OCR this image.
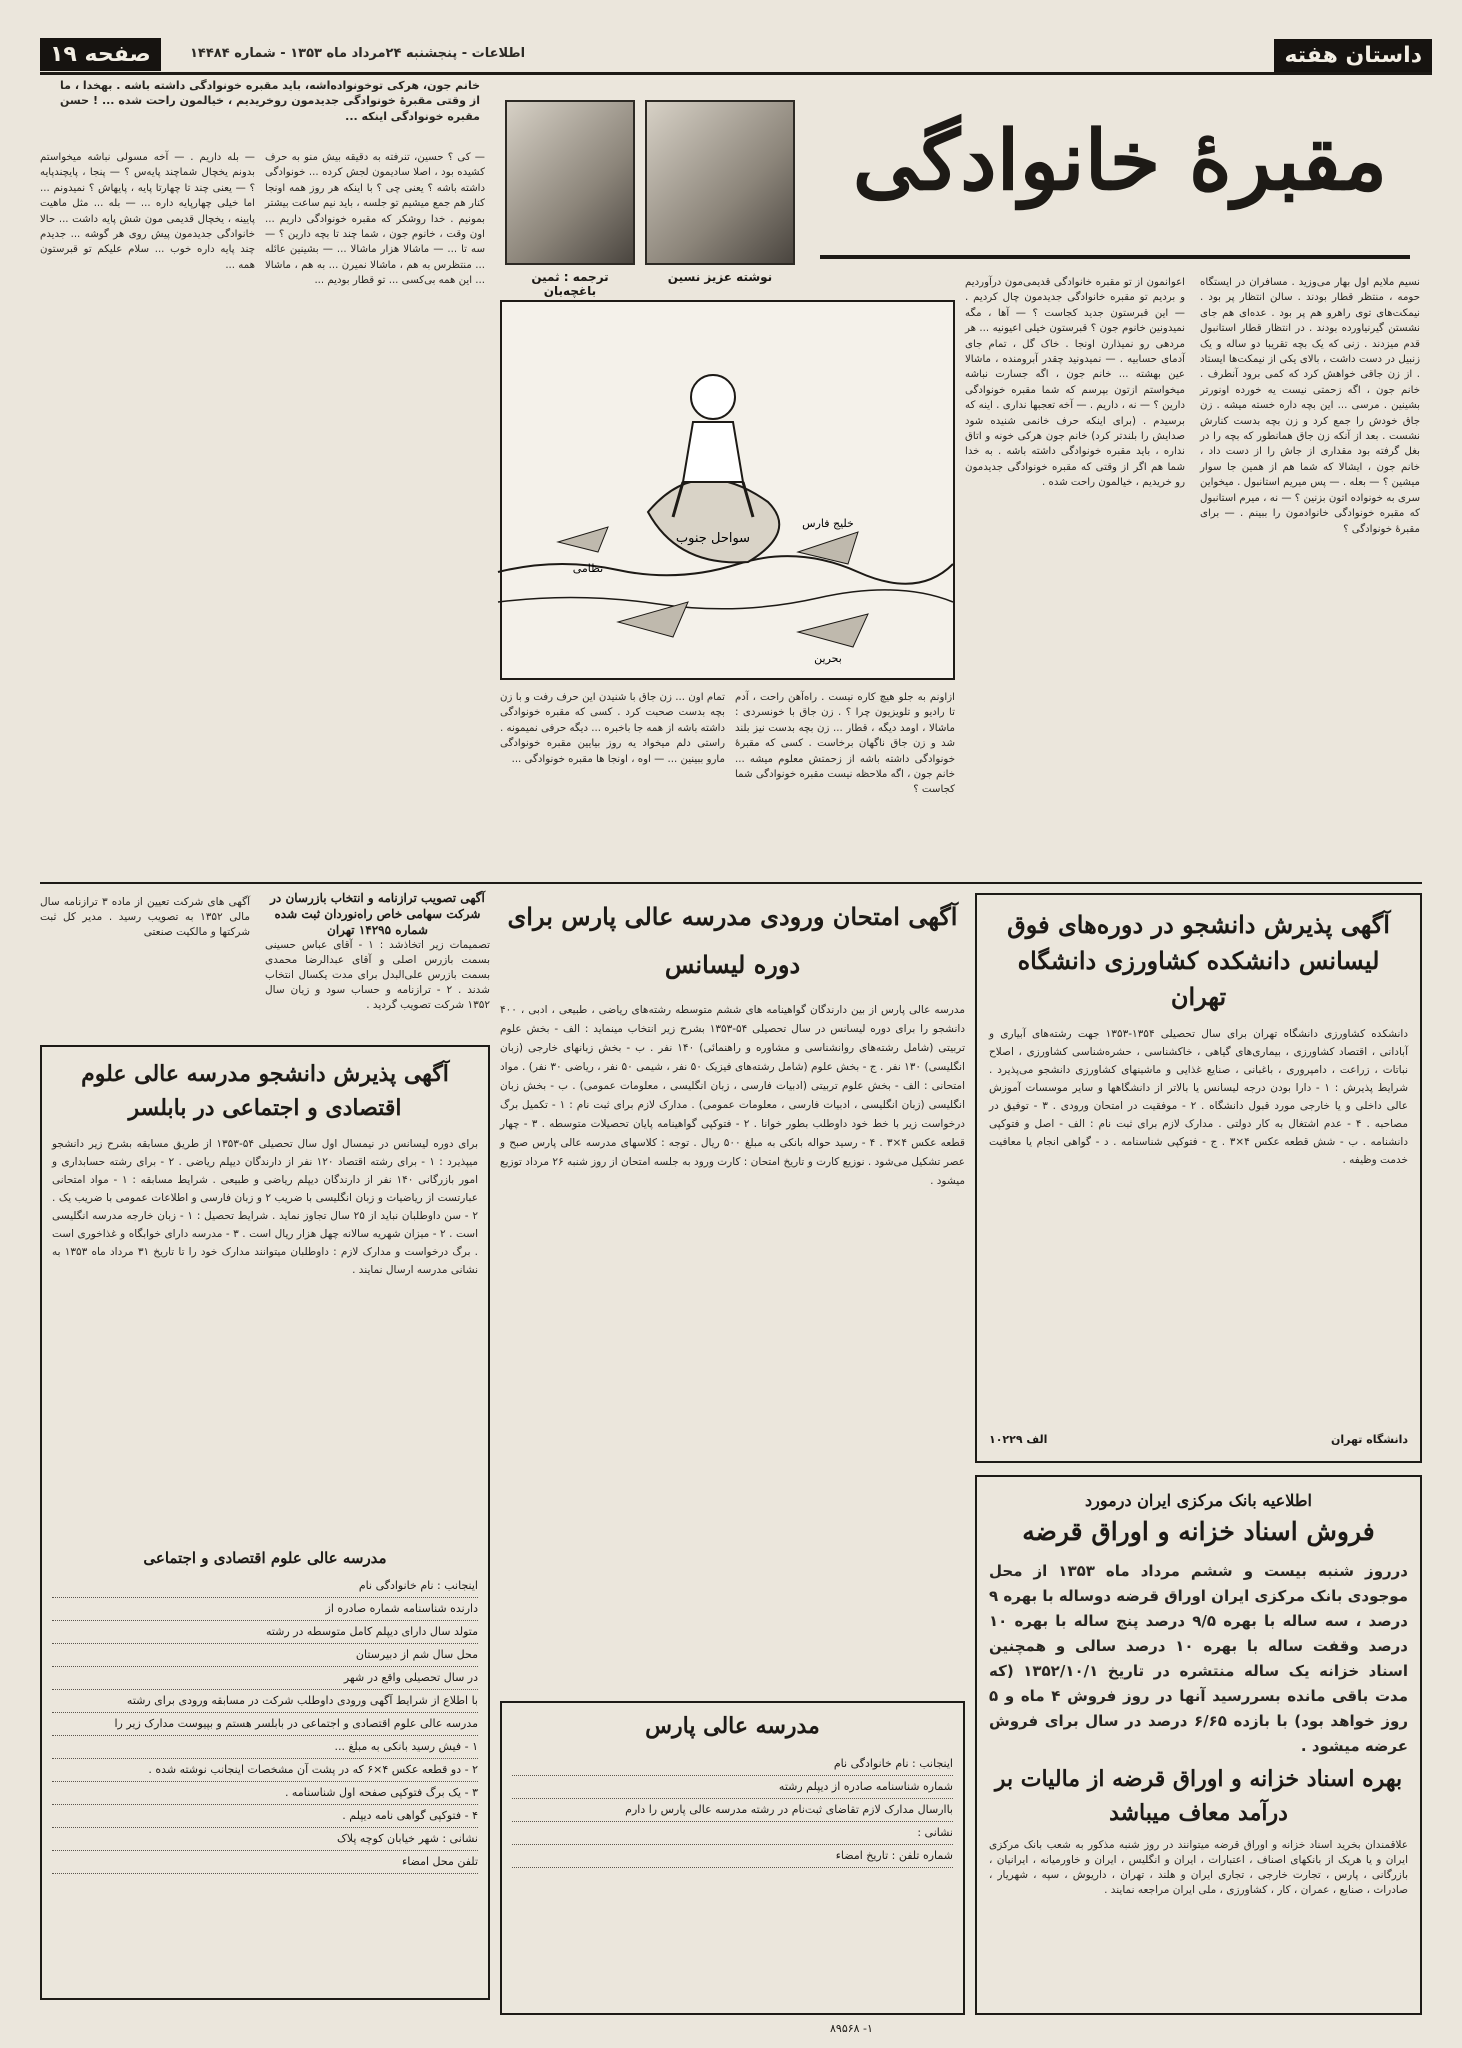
داستان هفته
اطلاعات - پنجشنبه ۲۴مرداد ماه ۱۳۵۳ - شماره ۱۴۴۸۴
صفحه ۱۹
مقبرهٔ خانوادگی
نوشته عزیز نسین
ترجمه : ثمین باغچه‌بان
خانم جون، هرکی توخونواده‌اشه، باید مقبره خونوادگی داشته باشه . بهخدا ، ما از وقتی مقبرهٔ خونوادگی جدیدمون روخریدیم ، خیالمون راحت شده ... ! حسن مقبره خونوادگی اینکه ...
نسیم ملایم اول بهار می‌وزید . مسافران در ایستگاه حومه ، منتظر قطار بودند . سالن انتظار پر بود . نیمکت‌های توی راهرو هم پر بود . عده‌ای هم جای نشستن گیرنیاورده بودند . در انتظار قطار استانبول قدم میزدند . زنی که یک بچه تقریبا دو ساله و یک زنبیل در دست داشت ، بالای یکی از نیمکت‌ها ایستاد . از زن جاقی خواهش کرد که کمی برود آنطرف . خانم جون ، اگه زحمتی نیست یه خورده اونورتر بشینین . مرسی ... این بچه داره خسته میشه . زن جاق خودش را جمع کرد و زن بچه بدست کنارش نشست . بعد از آنکه زن جاق همانطور که بچه را در بغل گرفته بود مقداری از جاش را از دست داد ، خانم جون ، ایشالا که شما هم از همین جا سوار میشین ؟ — بعله . — پس میریم استانبول . میخواین سری به خونواده اتون بزنین ؟ — نه ، میرم استانبول که مقبره خونوادگی خانوادمون را ببینم . — برای مقبرهٔ خونوادگی ؟
اعوانمون از تو مقبره خانوادگی قدیمی‌مون درآوردیم و بردیم تو مقبره خانوادگی جدیدمون چال کردیم . — این قبرستون جدید کجاست ؟ — آها ، مگه نمیدونین خانوم جون ؟ قبرستون خیلی اعیونیه ... هر مردهی رو نمیذارن اونجا . خاک گل ، تمام جای آدمای حسابیه . — نمیدونید چقدر آبرومنده ، ماشالا عین بهشته ... خانم جون ، اگه جسارت نباشه میخواستم ازتون بپرسم که شما مقبره خونوادگی دارین ؟ — نه ، داریم . — آخه تعجبها نداری . اینه که برسیدم . (برای اینکه حرف خانمی شنیده شود صدایش را بلندتر کرد) خانم جون هرکی خونه و اتاق نداره ، باید مقبره خونوادگی داشته باشه . به خدا شما هم اگر از وقتی که مقبره خونوادگی جدیدمون رو خریدیم ، خیالمون راحت شده .
— کی ؟ حسین، تنرفته به دقیقه بیش منو به حرف کشیده بود ، اصلا سادیمون لجش کرده ... خونوادگی داشته باشه ؟ یعنی چی ؟ با اینکه هر روز همه اونجا کنار هم جمع میشیم تو جلسه ، باید نیم ساعت بیشتر بمونیم . خدا روشکر که مقبره خونوادگی داریم ... اون وقت ، خانوم جون ، شما چند تا بچه دارین ؟ — سه تا ... — ماشالا هزار ماشالا ... — بشینین عائله ... منتظرس به هم ، ماشالا نمیرن ... به هم ، ماشالا ... این همه بی‌کسی ... تو قطار بودیم ...
— بله داریم . — آخه مسولی نباشه میخواستم بدونم یخچال شماچند پایه‌س ؟ — پنجا ، پایچندپایه ؟ — یعنی چند تا چهارتا پایه ، پایهاش ؟ نمیدونم ... اما خیلی چهارپایه داره ... — بله ... مثل ماهیت پایینه ، یخچال قدیمی مون شش پایه داشت ... حالا خانوادگی جدیدمون پیش روی هر گوشه ... جدیدم چند پایه داره خوب ... سلام علیکم تو قبرستون همه ...
ازاونم به جلو هیچ کاره نیست . راه‌آهن راحت ، آدم تا رادیو و تلویزیون چرا ؟ . زن جاق با خونسردی : ماشالا ، اومد دیگه ، قطار ... زن بچه بدست نیز بلند شد و زن جاق ناگهان برخاست . کسی که مقبرهٔ خونوادگی داشته باشه از زحمتش معلوم میشه ... خانم جون ، اگه ملاحظه نیست مقبره خونوادگی شما کجاست ؟
تمام اون ... زن جاق با شنیدن این حرف رفت و با زن بچه بدست صحبت کرد . کسی که مقبره خونوادگی داشته باشه از همه جا باخبره ... دیگه حرفی نمیمونه . راستی دلم میخواد یه روز بیایین مقبره خونوادگی مارو ببینین ... — اوه ، اونجا ها مقبره خونوادگی ...
سواحل جنوب
خلیج فارس
نظامی
بحرین
آگهی تصویب ترازنامه و انتخاب بازرسان در شرکت سهامی خاص راه‌نوردان ثبت شده شماره ۱۴۲۹۵ تهران
تصمیمات زیر اتخاذشد : ۱ - آقای عباس حسینی بسمت بازرس اصلی و آقای عبدالرضا محمدی بسمت بازرس علی‌البدل برای مدت یکسال انتخاب شدند . ۲ - ترازنامه و حساب سود و زیان سال ۱۳۵۲ شرکت تصویب گردید .
آگهی های شرکت تعیین از ماده ۳ ترازنامه سال مالی ۱۳۵۲ به تصویب رسید . مدیر کل ثبت شرکتها و مالکیت صنعتی	آگهی پذیرش دانشجو در دوره‌های فوق لیسانس دانشکده کشاورزی دانشگاه تهران
دانشکده کشاورزی دانشگاه تهران برای سال تحصیلی ۱۳۵۴-۱۳۵۳ جهت رشته‌های آبیاری و آبادانی ، اقتصاد کشاورزی ، بیماری‌های گیاهی ، خاکشناسی ، حشره‌شناسی کشاورزی ، اصلاح نباتات ، زراعت ، دامپروری ، باغبانی ، صنایع غذایی و ماشینهای کشاورزی دانشجو می‌پذیرد . شرایط پذیرش : ۱ - دارا بودن درجه لیسانس یا بالاتر از دانشگاهها و سایر موسسات آموزش عالی داخلی و یا خارجی مورد قبول دانشگاه . ۲ - موفقیت در امتحان ورودی . ۳ - توفیق در مصاحبه . ۴ - عدم اشتغال به کار دولتی . مدارک لازم برای ثبت نام : الف - اصل و فتوکپی دانشنامه . ب - شش قطعه عکس ۴×۳ . ج - فتوکپی شناسنامه . د - گواهی انجام یا معافیت خدمت وظیفه .
دانشگاه تهران
الف ۱۰۲۲۹
آگهی امتحان ورودی مدرسه عالی پارس برای دوره لیسانس
مدرسه عالی پارس از بین دارندگان گواهینامه های ششم متوسطه رشته‌های ریاضی ، طبیعی ، ادبی ، ۴۰۰ دانشجو را برای دوره لیسانس در سال تحصیلی ۵۴-۱۳۵۳ بشرح زیر انتخاب مینماید : الف - بخش علوم تربیتی (شامل رشته‌های روانشناسی و مشاوره و راهنمائی) ۱۴۰ نفر . ب - بخش زبانهای خارجی (زبان انگلیسی) ۱۳۰ نفر . ج - بخش علوم (شامل رشته‌های فیزیک ۵۰ نفر ، شیمی ۵۰ نفر ، ریاضی ۳۰ نفر) . مواد امتحانی : الف - بخش علوم تربیتی (ادبیات فارسی ، زبان انگلیسی ، معلومات عمومی) . ب - بخش زبان انگلیسی (زبان انگلیسی ، ادبیات فارسی ، معلومات عمومی) . مدارک لازم برای ثبت نام : ۱ - تکمیل برگ درخواست زیر با خط خود داوطلب بطور خوانا . ۲ - فتوکپی گواهینامه پایان تحصیلات متوسطه . ۳ - چهار قطعه عکس ۴×۳ . ۴ - رسید حواله بانکی به مبلغ ۵۰۰ ریال . توجه : کلاسهای مدرسه عالی پارس صبح و عصر تشکیل می‌شود . نوزیع کارت و تاریخ امتحان : کارت ورود به جلسه امتحان از روز شنبه ۲۶ مرداد توزیع میشود .
مدرسه عالی پارس
اینجانب : نام خانوادگی نام
شماره شناسنامه صادره از دیپلم رشته
باارسال مدارک لازم تقاضای ثبت‌نام در رشته مدرسه عالی پارس را دارم
نشانی :
شماره تلفن : تاریخ امضاء
آگهی پذیرش دانشجو مدرسه عالی علوم اقتصادی و اجتماعی در بابلسر
برای دوره لیسانس در نیمسال اول سال تحصیلی ۵۴-۱۳۵۳ از طریق مسابقه بشرح زیر دانشجو میپذیرد : ۱ - برای رشته اقتصاد ۱۲۰ نفر از دارندگان دیپلم ریاضی . ۲ - برای رشته حسابداری و امور بازرگانی ۱۴۰ نفر از دارندگان دیپلم ریاضی و طبیعی . شرایط مسابقه : ۱ - مواد امتحانی عبارتست از ریاضیات و زبان انگلیسی با ضریب ۲ و زبان فارسی و اطلاعات عمومی با ضریب یک . ۲ - سن داوطلبان نباید از ۲۵ سال تجاوز نماید . شرایط تحصیل : ۱ - زبان خارجه مدرسه انگلیسی است . ۲ - میزان شهریه سالانه چهل هزار ریال است . ۳ - مدرسه دارای خوابگاه و غذاخوری است . برگ درخواست و مدارک لازم : داوطلبان میتوانند مدارک خود را تا تاریخ ۳۱ مرداد ماه ۱۳۵۳ به نشانی مدرسه ارسال نمایند .
مدرسه عالی علوم اقتصادی و اجتماعی
اینجانب : نام خانوادگی نام
دارنده شناسنامه شماره صادره از
متولد سال دارای دیپلم کامل متوسطه در رشته
محل سال شم از دبیرستان
در سال تحصیلی واقع در شهر
با اطلاع از شرایط آگهی ورودی داوطلب شرکت در مسابقه ورودی برای رشته
مدرسه عالی علوم اقتصادی و اجتماعی در بابلسر هستم و بپیوست مدارک زیر را
۱ - فیش رسید بانکی به مبلغ ...
۲ - دو قطعه عکس ۴×۶ که در پشت آن مشخصات اینجانب نوشته شده .
۳ - یک برگ فتوکپی صفحه اول شناسنامه .
۴ - فتوکپی گواهی نامه دیپلم .
نشانی : شهر خیابان کوچه پلاک
تلفن محل امضاء
اطلاعیه بانک مرکزی ایران درمورد
فروش اسناد خزانه و اوراق قرضه
درروز شنبه بیست و ششم مرداد ماه ۱۳۵۳ از محل موجودی بانک مرکزی ایران اوراق قرضه دوساله با بهره ۹ درصد ، سه ساله با بهره ۹/۵ درصد پنج ساله با بهره ۱۰ درصد وقفت ساله با بهره ۱۰ درصد سالی و همچنین اسناد خزانه یک ساله منتشره در تاریخ ۱۳۵۲/۱۰/۱ (که مدت باقی مانده بسررسید آنها در روز فروش ۴ ماه و ۵ روز خواهد بود) با بازده ۶/۶۵ درصد در سال برای فروش عرضه میشود .
بهره اسناد خزانه و اوراق قرضه از مالیات بر درآمد معاف میباشد
علاقمندان بخرید اسناد خزانه و اوراق قرضه میتوانند در روز شنبه مذکور به شعب بانک مرکزی ایران و یا هریک از بانکهای اصناف ، اعتبارات ، ایران و انگلیس ، ایران و خاورمیانه ، ایرانیان ، بازرگانی ، پارس ، تجارت خارجی ، تجاری ایران و هلند ، تهران ، داریوش ، سپه ، شهریار ، صادرات ، صنایع ، عمران ، کار ، کشاورزی ، ملی ایران مراجعه نمایند .
۱- ۸۹۵۶۸
